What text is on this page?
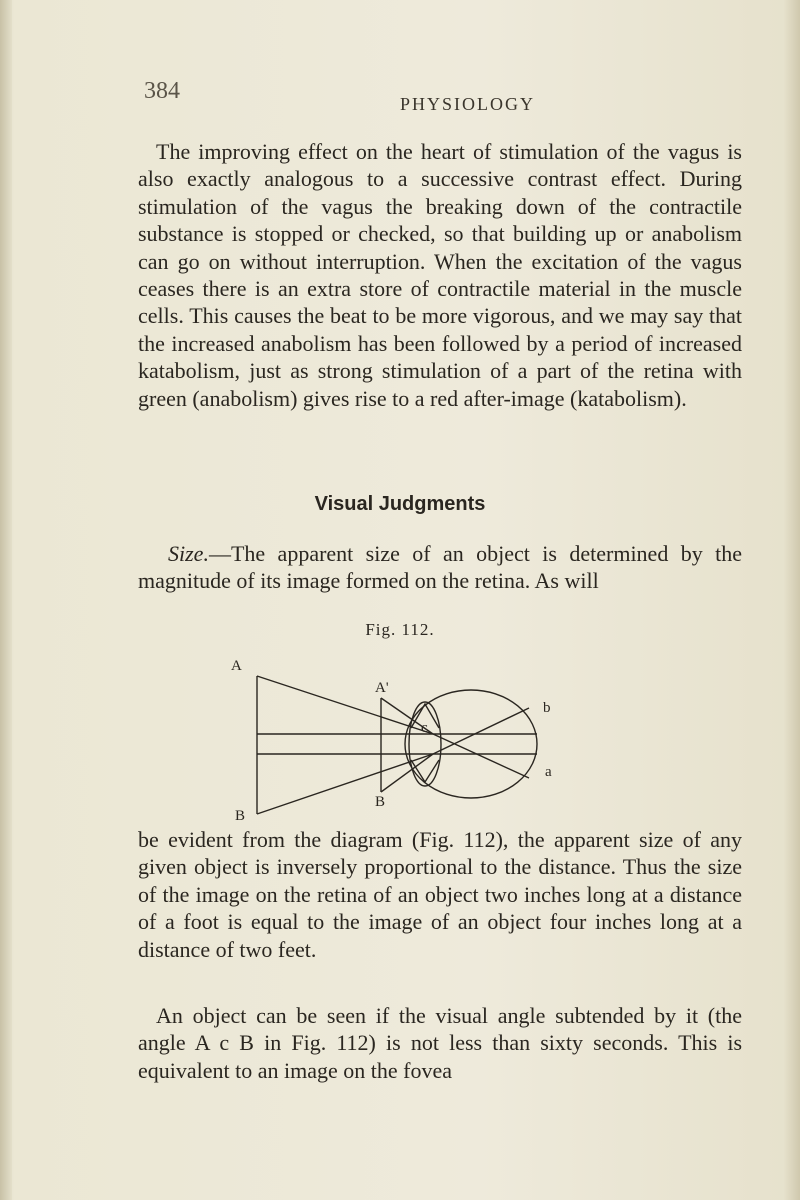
384	PHYSIOLOGY
The improving effect on the heart of stimulation of the vagus is also exactly analogous to a successive contrast effect. During stimulation of the vagus the breaking down of the contractile substance is stopped or checked, so that building up or anabolism can go on without interruption. When the excitation of the vagus ceases there is an extra store of contractile material in the muscle cells. This causes the beat to be more vigorous, and we may say that the increased anabolism has been followed by a period of increased katabolism, just as strong stimulation of a part of the retina with green (anabolism) gives rise to a red after-image (katabolism).
Visual Judgments
Size.—The apparent size of an object is determined by the magnitude of its image formed on the retina. As will
Fig. 112.
A
B
A'
B
c
b
a
be evident from the diagram (Fig. 112), the apparent size of any given object is inversely proportional to the distance. Thus the size of the image on the retina of an object two inches long at a distance of a foot is equal to the image of an object four inches long at a distance of two feet.
An object can be seen if the visual angle subtended by it (the angle A c B in Fig. 112) is not less than sixty seconds. This is equivalent to an image on the fovea
